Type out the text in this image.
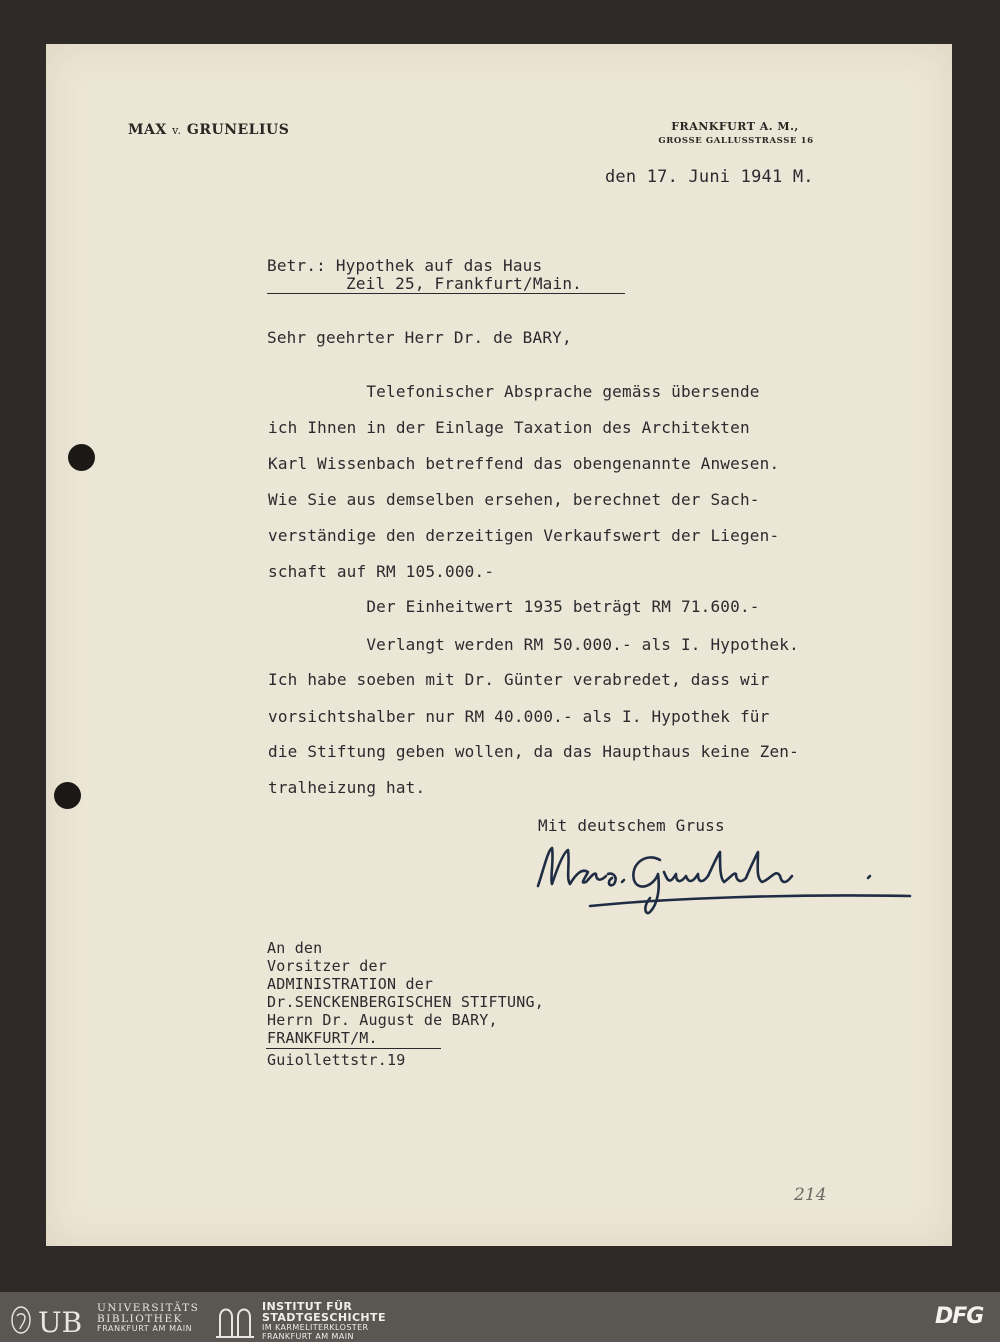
MAX v. GRUNELIUS	FRANKFURT A. M.,
GROSSE GALLUSSTRASSE 16
den 17. Juni 1941 M.
Betr.: Hypothek auf das Haus
Zeil 25, Frankfurt/Main.
Sehr geehrter Herr Dr. de BARY,
Telefonischer Absprache gemäss übersende
ich Ihnen in der Einlage Taxation des Architekten
Karl Wissenbach betreffend das obengenannte Anwesen.
Wie Sie aus demselben ersehen, berechnet der Sach-
verständige den derzeitigen Verkaufswert der Liegen-
schaft auf RM 105.000.-
Der Einheitwert 1935 beträgt RM 71.600.-
Verlangt werden RM 50.000.- als I. Hypothek.
Ich habe soeben mit Dr. Günter verabredet, dass wir
vorsichtshalber nur RM 40.000.- als I. Hypothek für
die Stiftung geben wollen, da das Haupthaus keine Zen-
tralheizung hat.
Mit deutschem Gruss
An den
Vorsitzer der
ADMINISTRATION der
Dr.SENCKENBERGISCHEN STIFTUNG,
Herrn Dr. August de BARY,
FRANKFURT/M.
Guiollettstr.19
214
UB UNIVERSITÄTS
BIBLIOTHEK
FRANKFURT AM MAIN
INSTITUT FÜR
STADTGESCHICHTE
IM KARMELITERKLOSTER
FRANKFURT AM MAIN
DFG
